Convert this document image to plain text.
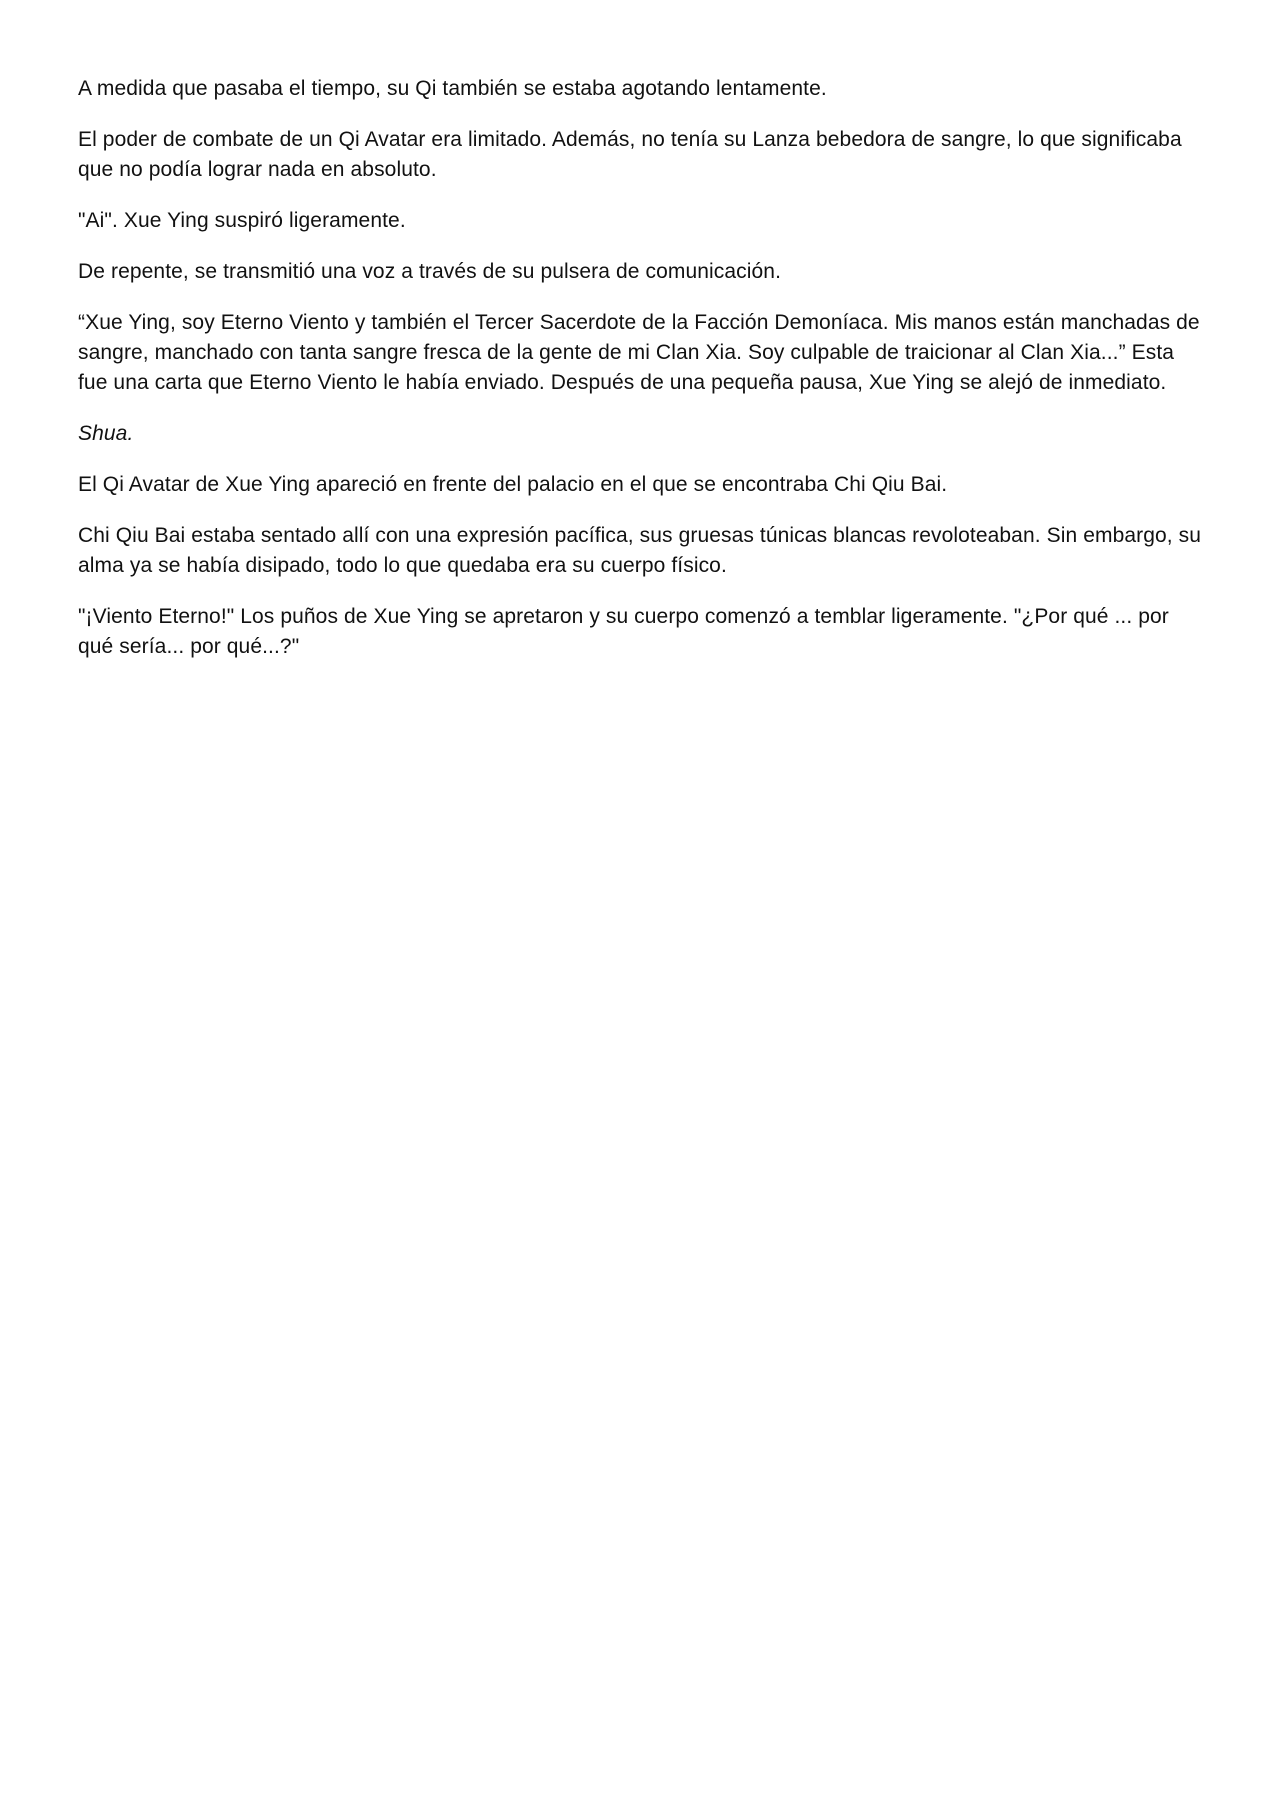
A medida que pasaba el tiempo, su Qi también se estaba agotando lentamente.

El poder de combate de un Qi Avatar era limitado. Además, no tenía su Lanza bebedora de sangre, lo que significaba que no podía lograr nada en absoluto.

"Ai". Xue Ying suspiró ligeramente.

De repente, se transmitió una voz a través de su pulsera de comunicación.

“Xue Ying, soy Eterno Viento y también el Tercer Sacerdote de la Facción Demoníaca. Mis manos están manchadas de sangre, manchado con tanta sangre fresca de la gente de mi Clan Xia. Soy culpable de traicionar al Clan Xia...” Esta fue una carta que Eterno Viento le había enviado. Después de una pequeña pausa, Xue Ying se alejó de inmediato.

Shua.

El Qi Avatar de Xue Ying apareció en frente del palacio en el que se encontraba Chi Qiu Bai.

Chi Qiu Bai estaba sentado allí con una expresión pacífica, sus gruesas túnicas blancas revoloteaban. Sin embargo, su alma ya se había disipado, todo lo que quedaba era su cuerpo físico.

"¡Viento Eterno!" Los puños de Xue Ying se apretaron y su cuerpo comenzó a temblar ligeramente. "¿Por qué ... por qué sería... por qué...?"
